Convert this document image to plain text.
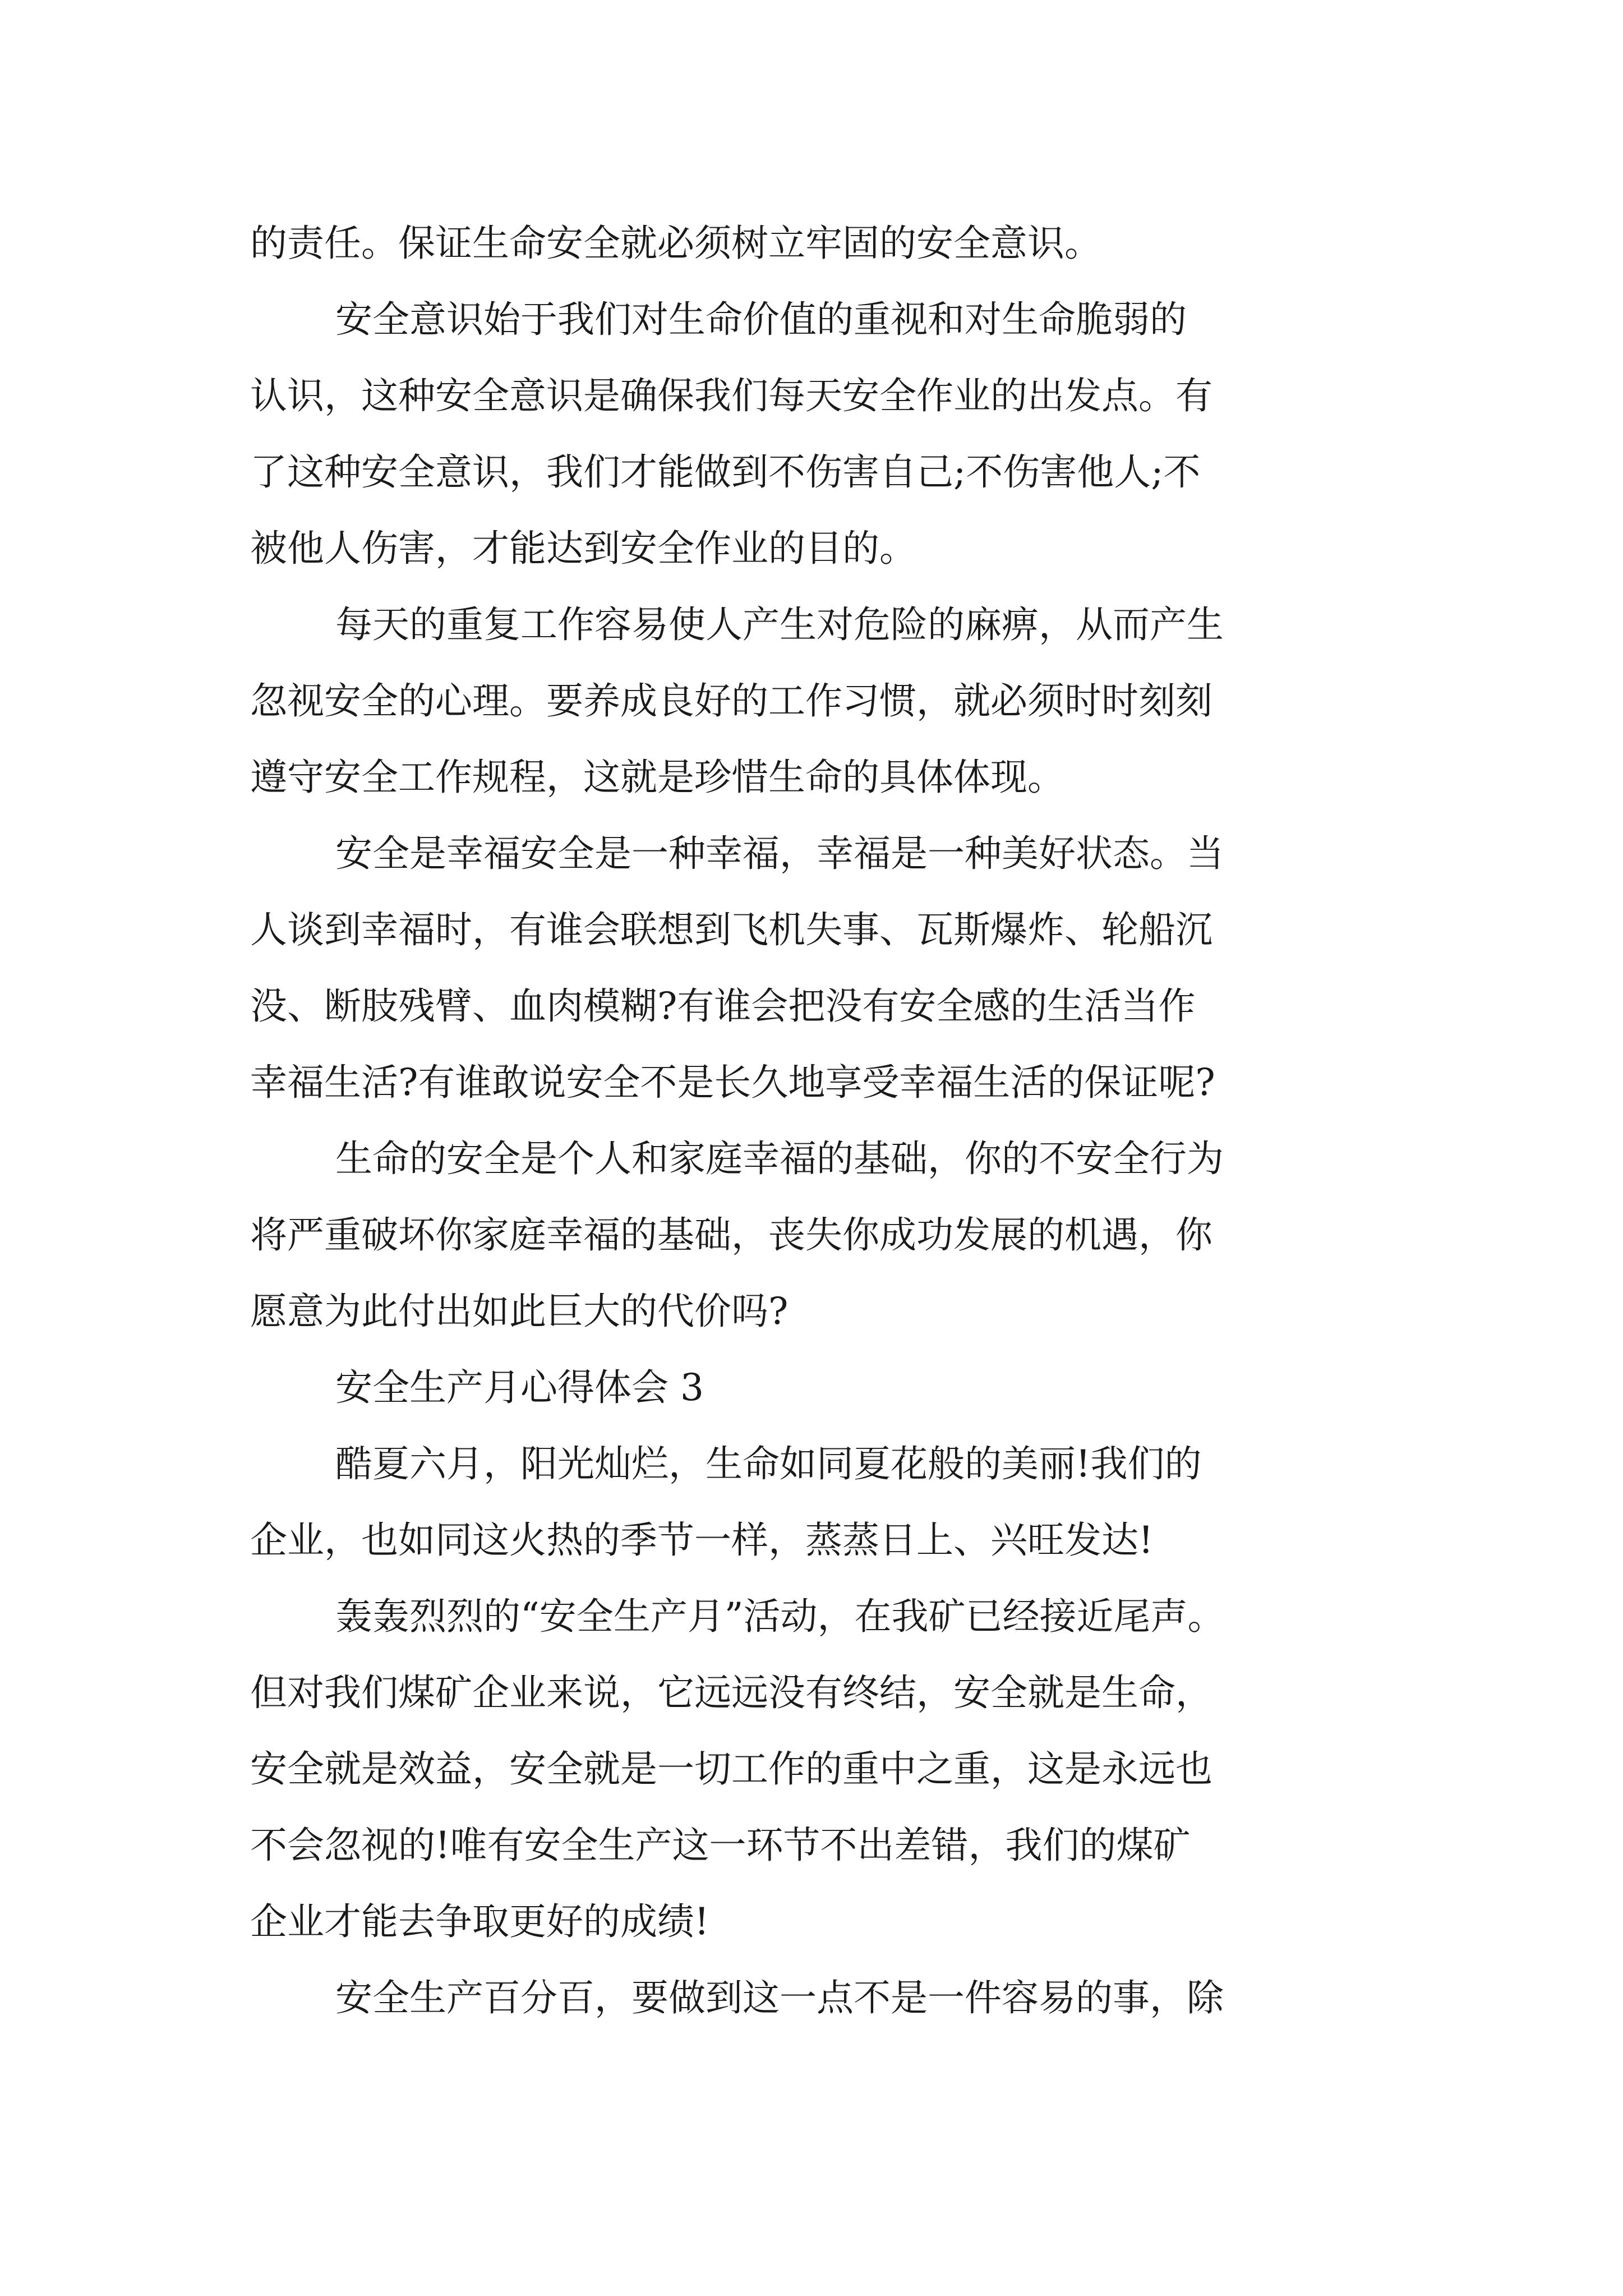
的责任。保证生命安全就必须树立牢固的安全意识。

安全意识始于我们对生命价值的重视和对生命脆弱的
认识，这种安全意识是确保我们每天安全作业的出发点。有
了这种安全意识，我们才能做到不伤害自己;不伤害他人;不
被他人伤害，才能达到安全作业的目的。

每天的重复工作容易使人产生对危险的麻痹，从而产生
忽视安全的心理。要养成良好的工作习惯，就必须时时刻刻
遵守安全工作规程，这就是珍惜生命的具体体现。

安全是幸福安全是一种幸福，幸福是一种美好状态。当
人谈到幸福时，有谁会联想到飞机失事、瓦斯爆炸、轮船沉
没、断肢残臂、血肉模糊?有谁会把没有安全感的生活当作
幸福生活?有谁敢说安全不是长久地享受幸福生活的保证呢?

生命的安全是个人和家庭幸福的基础，你的不安全行为
将严重破坏你家庭幸福的基础，丧失你成功发展的机遇，你
愿意为此付出如此巨大的代价吗?

安全生产月心得体会 3

酷夏六月，阳光灿烂，生命如同夏花般的美丽!我们的
企业，也如同这火热的季节一样，蒸蒸日上、兴旺发达!

轰轰烈烈的“安全生产月”活动，在我矿已经接近尾声。
但对我们煤矿企业来说，它远远没有终结，安全就是生命，
安全就是效益，安全就是一切工作的重中之重，这是永远也
不会忽视的!唯有安全生产这一环节不出差错，我们的煤矿
企业才能去争取更好的成绩!

安全生产百分百，要做到这一点不是一件容易的事，除
